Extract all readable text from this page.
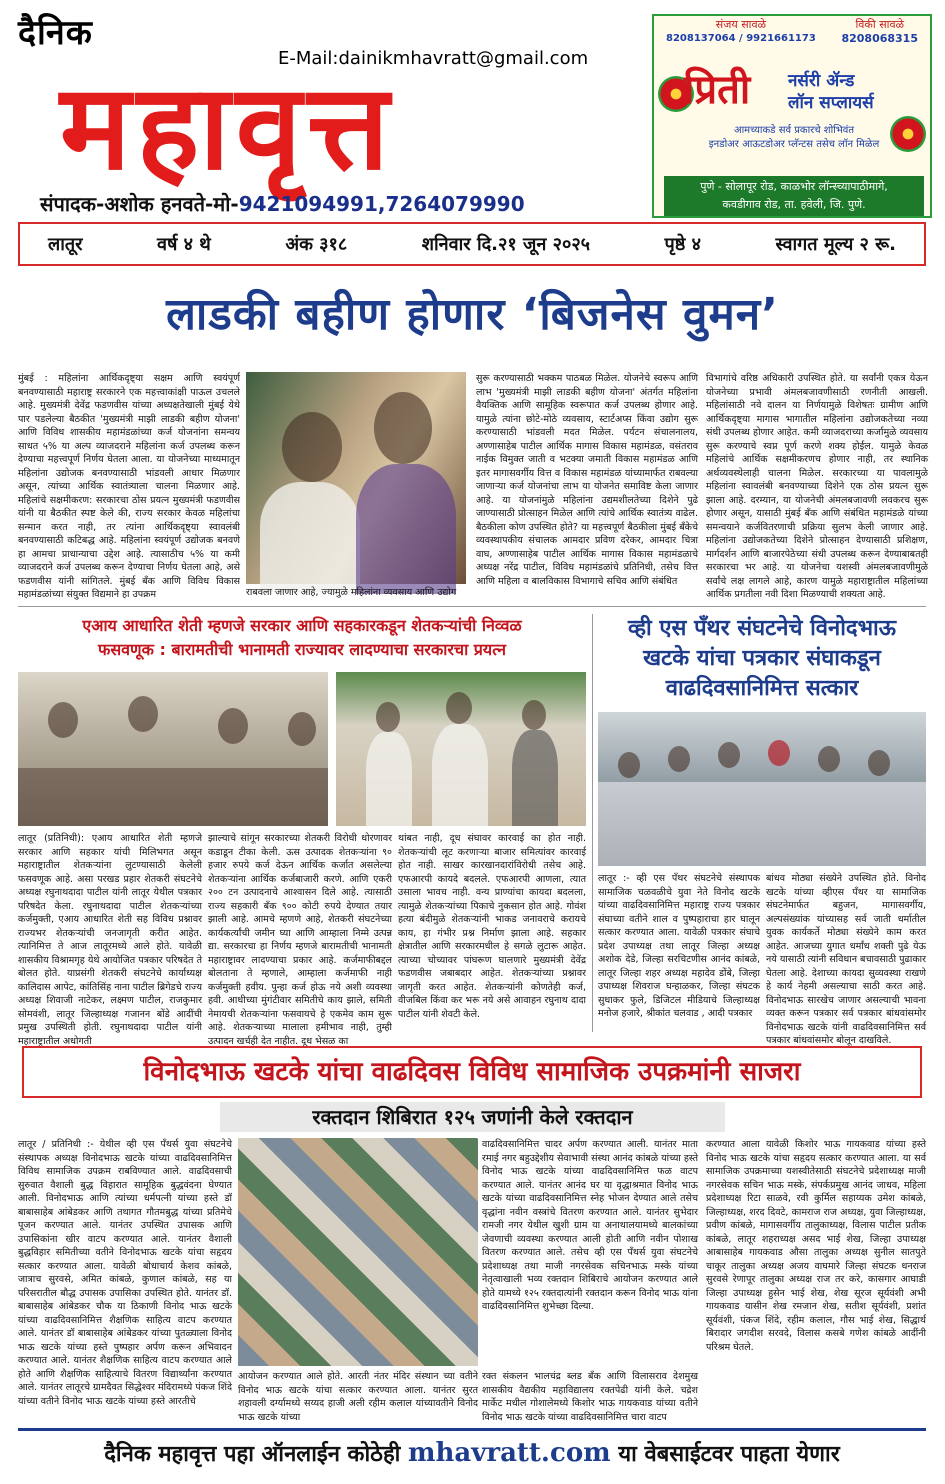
दैनिक
E-Mail:dainikmhavratt@gmail.com
महावृत्त
संपादक-अशोक हनवते-मो-9421094991,7264079990
संजय सावळे
8208137064 / 9921661173
विकी सावळे
8208068315
प्रिती नर्सरी ॲन्ड
लॉन सप्लायर्स
आमच्याकडे सर्व प्रकारचे शोभिवंत
इनडोअर आऊटडोअर प्लॅन्टस तसेच लॉन मिळेल
पुणे - सोलापूर रोड, काळभोर लॉन्स्च्यापाठीमागे,
कवडीगाव रोड, ता. हवेली, जि. पुणे.
लातूर	वर्ष ४ थे	अंक ३१८	शनिवार दि.२१ जून २०२५	पृष्ठे ४	स्वागत मूल्य २ रू.
लाडकी बहीण होणार ‘बिजनेस वुमन’
मुंबई : महिलांना आर्थिकदृष्ट्या सक्षम आणि स्वयंपूर्ण बनवण्यासाठी महाराष्ट्र सरकारने एक महत्त्वाकांक्षी पाऊल उचलले आहे. मुख्यमंत्री देवेंद्र फडणवीस यांच्या अध्यक्षतेखाली मुंबई येथे पार पडलेल्या बैठकीत 'मुख्यमंत्री माझी लाडकी बहीण योजना' आणि विविध शासकीय महामंडळांच्या कर्ज योजनांना समन्वय साधत ५% या अल्प व्याजदराने महिलांना कर्ज उपलब्ध करून देण्याचा महत्त्वपूर्ण निर्णय घेतला आला. या योजनेच्या माध्यमातून महिलांना उद्योजक बनवण्यासाठी भांडवली आधार मिळणार असून, त्यांच्या आर्थिक स्वातंत्र्याला चालना मिळणार आहे. महिलांचे सक्षमीकरण: सरकारचा ठोस प्रयत्न मुख्यमंत्री फडणवीस यांनी या बैठकीत स्पष्ट केले की, राज्य सरकार केवळ महिलांचा सन्मान करत नाही, तर त्यांना आर्थिकदृष्ट्या स्वावलंबी बनवण्यासाठी कटिबद्ध आहे. महिलांना स्वयंपूर्ण उद्योजक बनवणे हा आमचा प्राधान्याचा उद्देश आहे. त्यासाठीच ५% या कमी व्याजदराने कर्ज उपलब्ध करून देण्याचा निर्णय घेतला आहे, असे फडणवीस यांनी सांगितले. मुंबई बँक आणि विविध विकास महामंडळांच्या संयुक्त विद्यमाने हा उपक्रम	राबवला जाणार आहे, ज्यामुळे महिलांना व्यवसाय आणि उद्योग
सुरू करण्यासाठी भक्कम पाठबळ मिळेल. योजनेचे स्वरूप आणि लाभ 'मुख्यमंत्री माझी लाडकी बहीण योजना' अंतर्गत महिलांना वैयक्तिक आणि सामूहिक स्वरूपात कर्ज उपलब्ध होणार आहे. यामुळे त्यांना छोटे-मोठे व्यवसाय, स्टार्टअप्स किंवा उद्योग सुरू करण्यासाठी भांडवली मदत मिळेल. पर्यटन संचालनालय, अण्णासाहेब पाटील आर्थिक मागास विकास महामंडळ, वसंतराव नाईक विमुक्त जाती व भटक्या जमाती विकास महामंडळ आणि इतर मागासवर्गीय वित्त व विकास महामंडळ यांच्यामार्फत राबवल्या जाणाऱ्या कर्ज योजनांचा लाभ या योजनेत समाविष्ट केला जाणार आहे. या योजनांमुळे महिलांना उद्यमशीलतेच्या दिशेने पुढे जाण्यासाठी प्रोत्साहन मिळेल आणि त्यांचे आर्थिक स्वातंत्र्य वाढेल. बैठकीला कोण उपस्थित होते? या महत्त्वपूर्ण बैठकीला मुंबई बँकेचे व्यवस्थापकीय संचालक आमदार प्रविण दरेकर, आमदार चित्रा वाघ, अण्णासाहेब पाटील आर्थिक मागास विकास महामंडळाचे अध्यक्ष नरेंद्र पाटील, विविध महामंडळांचे प्रतिनिधी, तसेच वित्त आणि महिला व बालविकास विभागाचे सचिव आणि संबंधित
विभागांचे वरिष्ठ अधिकारी उपस्थित होते. या सर्वांनी एकत्र येऊन योजनेच्या प्रभावी अंमलबजावणीसाठी रणनीती आखली. महिलांसाठी नवे दालन या निर्णयामुळे विशेषतः ग्रामीण आणि आर्थिकदृष्ट्या मागास भागातील महिलांना उद्योजकतेच्या नव्या संधी उपलब्ध होणार आहेत. कमी व्याजदराच्या कर्जामुळे व्यवसाय सुरू करण्याचे स्वप्न पूर्ण करणे शक्य होईल. यामुळे केवळ महिलांचे आर्थिक सक्षमीकरणच होणार नाही, तर स्थानिक अर्थव्यवस्थेलाही चालना मिळेल. सरकारच्या या पावलामुळे महिलांना स्वावलंबी बनवण्याच्या दिशेने एक ठोस प्रयत्न सुरू झाला आहे. दरम्यान, या योजनेची अंमलबजावणी लवकरच सुरू होणार असून, यासाठी मुंबई बँक आणि संबंधित महामंडळे यांच्या समन्वयाने कर्जवितरणाची प्रक्रिया सुलभ केली जाणार आहे. महिलांना उद्योजकतेच्या दिशेने प्रोत्साहन देण्यासाठी प्रशिक्षण, मार्गदर्शन आणि बाजारपेठेच्या संधी उपलब्ध करून देण्याबाबतही सरकारचा भर आहे. या योजनेचा यशस्वी अंमलबजावणीमुळे सर्वांचे लक्ष लागले आहे, कारण यामुळे महाराष्ट्रातील महिलांच्या आर्थिक प्रगतीला नवी दिशा मिळण्याची शक्यता आहे.
एआय आधारित शेती म्हणजे सरकार आणि सहकारकडून शेतकऱ्यांची निव्वळ
फसवणूक : बारामतीची भानामती राज्यावर लादण्याचा सरकारचा प्रयत्न
लातूर (प्रतिनिधी): एआय आधारित शेती म्हणजे सरकार आणि सहकार यांची मिलिभगत असून महाराष्ट्रातील शेतकऱ्यांना लुटण्यासाठी केलेली फसवणूक आहे. असा परखड प्रहार शेतकरी संघटनेचे अध्यक्ष रघुनाथदादा पाटील यांनी लातूर येथील पत्रकार परिषदेत केला. रघुनाथदादा पाटील शेतकऱ्यांच्या कर्जमुक्ती, एआय आधारित शेती सह विविध प्रश्नावर राज्यभर शेतकऱ्यांची जनजागृती करीत आहेत. त्यानिमित्त ते आज लातूरमध्ये आले होते. यावेळी शासकीय विश्रामगृह येथे आयोजित पत्रकार परिषदेत ते बोलत होते. याप्रसंगी शेतकरी संघटनेचे कार्याध्यक्ष कालिदास आपेट, कांतिसिंह नाना पाटील ब्रिगेडचे राज्य अध्यक्ष शिवाजी नाटेकर, लक्ष्मण पाटील, राजकुमार सोमवंशी, लातूर जिल्हाध्यक्ष गजानन बोंडे आदींची प्रमुख उपस्थिती होती. रघुनाथदादा पाटील यांनी महाराष्ट्रातील अधोगती
झाल्याचे सांगून सरकारच्या शेतकरी विरोधी धोरणावर कडाडून टीका केली. ऊस उत्पादक शेतकऱ्यांना ९० हजार रुपये कर्ज देऊन आर्थिक कर्जात असलेल्या शेतकऱ्यांना आर्थिक कर्जबाजारी करणे. आणि एकरी २०० टन उत्पादनाचे आश्वासन दिले आहे. त्यासाठी राज्य सहकारी बँक ९०० कोटी रुपये देण्यात तयार झाली आहे. आमचे म्हणणे आहे, शेतकरी संघटनेच्या कार्यकर्त्यांची जमीन घ्या आणि आम्हाला निम्मे उत्पन्न द्या. सरकारचा हा निर्णय म्हणजे बारामतीची भानामती महाराष्ट्रावर लादण्याचा प्रकार आहे. कर्जमाफीबद्दल बोलताना ते म्हणाले, आम्हाला कर्जमाफी नाही कर्जमुक्ती हवीय. पुन्हा कर्ज होऊ नये अशी व्यवस्था हवी. आधीच्या मुंगंटीवार समितीचे काय झाले, समिती नेमायची शेतकऱ्यांना फसवायचे हे एकमेव काम सुरू आहे. शेतकऱ्याच्या मालाला हमीभाव नाही, तुम्ही उत्पादन खर्चही देत नाहीत. दूध भेसळ का
थांबत नाही, दूध संघावर कारवाई का होत नाही. शेतकऱ्यांची लूट करणाऱ्या बाजार समित्यांवर कारवाई होत नाही. साखर कारखानदारांविरोधी तसेच आहे. एफआरपी कायदे बदलले. एफआरपी आणला, त्यात उसाला भावच नाही. वन्य प्राण्यांचा कायदा बदलला, त्यामुळे शेतकऱ्यांच्या पिकाचे नुकसान होत आहे. गोवंश हत्या बंदीमुळे शेतकऱ्यांनी भाकड जनावराचे करायचे काय, हा गंभीर प्रश्न निर्माण झाला आहे. सहकार क्षेत्रातील आणि सरकारमधील हे सगळे लुटारू आहेत. त्याच्या चोच्यावर पांघरूण घालणारे मुख्यमंत्री देवेंद्र फडणवीस जबाबदार आहेत. शेतकऱ्यांच्या प्रश्नावर जागृती करत आहेत. शेतकऱ्यांनी कोणतेही कर्ज, वीजबिल किंवा कर भरू नये असे आवाहन रघुनाथ दादा पाटील यांनी शेवटी केले.
व्ही एस पँथर संघटनेचे विनोदभाऊ
खटके यांचा पत्रकार संघाकडून
वाढदिवसानिमित्त सत्कार
लातूर :- व्ही एस पँथर संघटनेचे संस्थापक सामाजिक चळवळीचे युवा नेते विनोद खटके यांच्या वाढदिवसानिमित्त महाराष्ट्र राज्य पत्रकार संघाच्या वतीने शाल व पुष्पहाराचा हार घालून सत्कार करण्यात आला. यावेळी पत्रकार संघाचे प्रदेश उपाध्यक्ष तथा लातूर जिल्हा अध्यक्ष अशोक देडे, जिल्हा सरचिटणीस आनंद कांबळे, लातूर जिल्हा शहर अध्यक्ष महादेव डोंबे, जिल्हा उपाध्यक्ष शिवराज घन्हाळकर, जिल्हा संघटक सुधाकर फुले, डिजिटल मीडियाचे जिल्हाध्यक्ष मनोज हजारे, श्रीकांत चलवाड , आदी पत्रकार
बांधव मोठ्या संख्येने उपस्थित होते. विनोद खटके यांच्या व्हीएस पँथर या सामाजिक संघटनेमार्फत बहुजन, मागासवर्गीय, अल्पसंख्यांक यांच्यासह सर्व जाती धर्मातील युवक कार्यकर्ते मोठ्या संख्येने काम करत आहेत. आजच्या युगात धर्मांध शक्ती पुढे येऊ नये यासाठी त्यांनी सविधान बचावसाठी पुढाकार घेतला आहे. देशाच्या कायदा सुव्यवस्था राखणे हे कार्य नेहमी असल्याचा साठी करत आहे. विनोदभाऊ सारखेच जाणार असल्याची भावना व्यक्त करून पत्रकार सर्व पत्रकार बांधवांसमोर विनोदभाऊ खटके यांनी वाढदिवसानिमित्त सर्व पत्रकार बांधवांसमोर बोलून दाखविले.
विनोदभाऊ खटके यांचा वाढदिवस विविध सामाजिक उपक्रमांनी साजरा
रक्तदान शिबिरात १२५ जणांनी केले रक्तदान
लातूर / प्रतिनिधी :- येथील व्ही एस पँथर्स युवा संघटनेचे संस्थापक अध्यक्ष विनोदभाऊ खटके यांच्या वाढदिवसानिमित्त विविध सामाजिक उपक्रम राबविण्यात आले. वाढदिवसाची सुरुवात वैशाली बुद्ध विहारात सामूहिक बुद्धवंदना घेण्यात आली. विनोदभाऊ आणि त्यांच्या धर्मपत्नी यांच्या हस्ते डॉ बाबासाहेब आंबेडकर आणि तथागत गौतमबुद्ध यांच्या प्रतिमेचे पूजन करण्यात आले. यानंतर उपस्थित उपासक आणि उपासिकांना खीर वाटप करण्यात आले. यानंतर वैशाली बुद्धविहार समितीच्या वतीने विनोदभाऊ खटके यांचा सहृदय सत्कार करण्यात आला. यावेळी बोधाचार्य केशव कांबळे, जात्राच सुरवसे, अमित कांबळे, कुणाल कांबळे, सह या परिसरातील बौद्ध उपासक उपासिका उपस्थित होते. यानंतर डॉ. बाबासाहेब आंबेडकर चौक या ठिकाणी विनोद भाऊ खटके यांच्या वाढदिवसानिमित्त शैक्षणिक साहित्य वाटप करण्यात आले. यानंतर डॉ बाबासाहेब आंबेडकर यांच्या पुतळ्याला विनोद भाऊ खटके यांच्या हस्ते पुष्पहार अर्पण करून अभिवादन करण्यात आले. यानंतर शैक्षणिक साहित्य वाटप करण्यात आले होते आणि शैक्षणिक साहित्याचे वितरण विद्यार्थ्यांना करण्यात आले. यानंतर लातूरचे ग्रामदैवत सिद्धेश्वर मंदिरामध्ये पंकज शिंदे यांच्या वतीने विनोद भाऊ खटके यांच्या हस्ते आरतीचे
आयोजन करण्यात आले होते. आरती नंतर मंदिर संस्थान च्या वतीने विनोद भाऊ खटके यांचा सत्कार करण्यात आला. यानंतर सुरत शहावली दर्ग्यामध्ये सय्यद हाजी अली रहीम कलाल यांच्यावतीने विनोद भाऊ खटके यांच्या
रक्त संकलन भालचंद्र ब्लड बँक आणि विलासराव देशमुख शासकीय वैद्यकीय महाविद्यालय रक्तपेढी यांनी केले. चद्रेश मार्केट मधील गोशालेमध्ये किशोर भाऊ गायकवाड यांच्या वतीने विनोद भाऊ खटके यांच्या वाढदिवसानिमित्त चारा वाटप
वाढदिवसानिमित्त चादर अर्पण करण्यात आली. यानंतर माता रमाई नगर बहुउद्देशीय सेवाभावी संस्था आनंद कांबळे यांच्या हस्ते विनोद भाऊ खटके यांच्या वाढदिवसानिमित्त फळ वाटप करण्यात आले. यानंतर आनंद घर या वृद्धाश्रमात विनोद भाऊ खटके यांच्या वाढदिवसानिमित्त स्नेह भोजन देण्यात आले तसेच वृद्धांना नवीन वस्त्रांचे वितरण करण्यात आले. यानंतर सुभेदार रामजी नगर येथील खुशी ग्राम या अनाथालयामध्ये बालकांच्या जेवणाची व्यवस्था करण्यात आली होती आणि नवीन पोशाख वितरण करण्यात आले. तसेच व्ही एस पँथर्स युवा संघटनेचे प्रदेशाध्यक्ष तथा माजी नगरसेवक सचिनभाऊ मस्के यांच्या नेतृत्वाखाली भव्य रक्तदान शिबिराचे आयोजन करण्यात आले होते यामध्ये १२५ रक्तदात्यांनी रक्तदान करून विनोद भाऊ यांना वाढदिवसानिमित्त शुभेच्छा दिल्या.
करण्यात आला यावेळी किशोर भाऊ गायकवाड यांच्या हस्ते विनोद भाऊ खटके यांचा सहृदय सत्कार करण्यात आला. या सर्व सामाजिक उपक्रमाच्या यशस्वीतेसाठी संघटनेचे प्रदेशाध्यक्ष माजी नगरसेवक सचिन भाऊ मस्के, संपर्कप्रमुख आनंद जाधव, महिला प्रदेशाध्यक्ष रिटा साळवे, रवी कुर्मिल सहाय्यक उमेश कांबळे, जिल्हाध्यक्ष, शरद दिवटे, कामराज राज अध्यक्ष, युवा जिल्हाध्यक्ष, प्रवीण कांबळे, मागासवर्गीय तालुकाध्यक्ष, विलास पाटील प्रतीक कांबळे, लातूर शहराध्यक्ष असद भाई शेख, जिल्हा उपाध्यक्ष आबासाहेब गायकवाड औसा तालुका अध्यक्ष सुनील सातपुते चाकूर तालुका अध्यक्ष अजय वाघमारे जिल्हा संघटक धनराज सुरवसे रेणापूर तालुका अध्यक्ष राज तर करे, कासगार आघाडी जिल्हा उपाध्यक्ष हुसेन भाई शेख, शेख सूरज सूर्यवंशी अभी गायकवाड यासीन शेख रमजान शेख, सतीश सूर्यवंशी, प्रशांत सूर्यवंशी, पंकज शिंदे, रहीम कलाल, गौस भाई शेख, सिद्धार्थ बिरादार जगदीश सरवदे, विलास कसबे गणेश कांबळे आदींनी परिश्रम घेतले.
दैनिक महावृत्त पहा ऑनलाईन कोठेही mhavratt.com या वेबसाईटवर पाहता येणार
